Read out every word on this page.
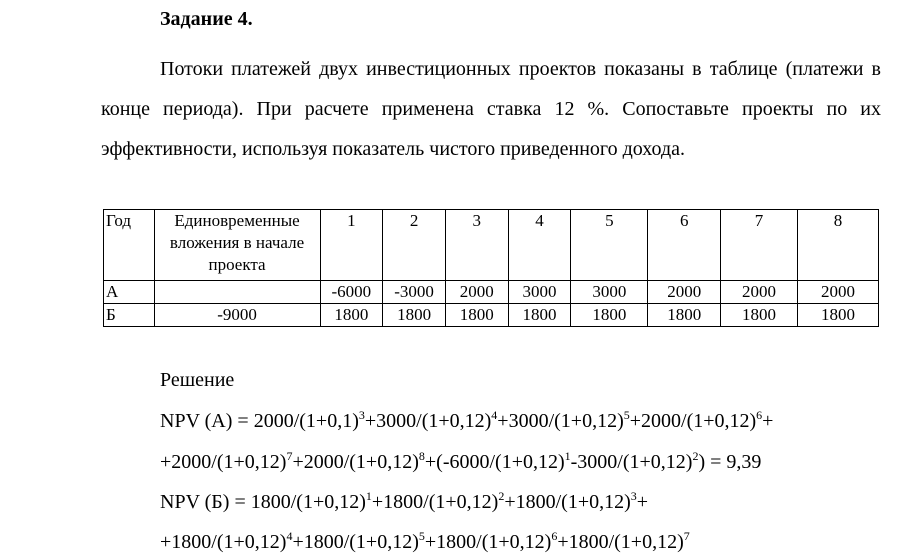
Задание 4.
Потоки платежей двух инвестиционных проектов показаны в таблице (платежи в конце периода). При расчете применена ставка 12 %. Сопоставьте проекты по их эффективности, используя показатель чистого приведенного дохода.
Год	Единовременные вложения в начале проекта	1	2	3	4	5	6	7	8
А		-6000	-3000	2000	3000	3000	2000	2000	2000
Б	-9000	1800	1800	1800	1800	1800	1800	1800	1800
Решение
NPV $(А) = 2000/(1+0,1)^3+3000/(1+0,12)^4+3000/(1+0,12)^5+2000/(1+0,12)^6+$
$+2000/(1+0,12)^7+2000/(1+0,12)^8+(-6000/(1+0,12)^1-3000/(1+0,12)^2) = 9,39$
NPV $(Б) = 1800/(1+0,12)^1+1800/(1+0,12)^2+1800/(1+0,12)^3+$
$+1800/(1+0,12)^4+1800/(1+0,12)^5+1800/(1+0,12)^6+1800/(1+0,12)^7$
